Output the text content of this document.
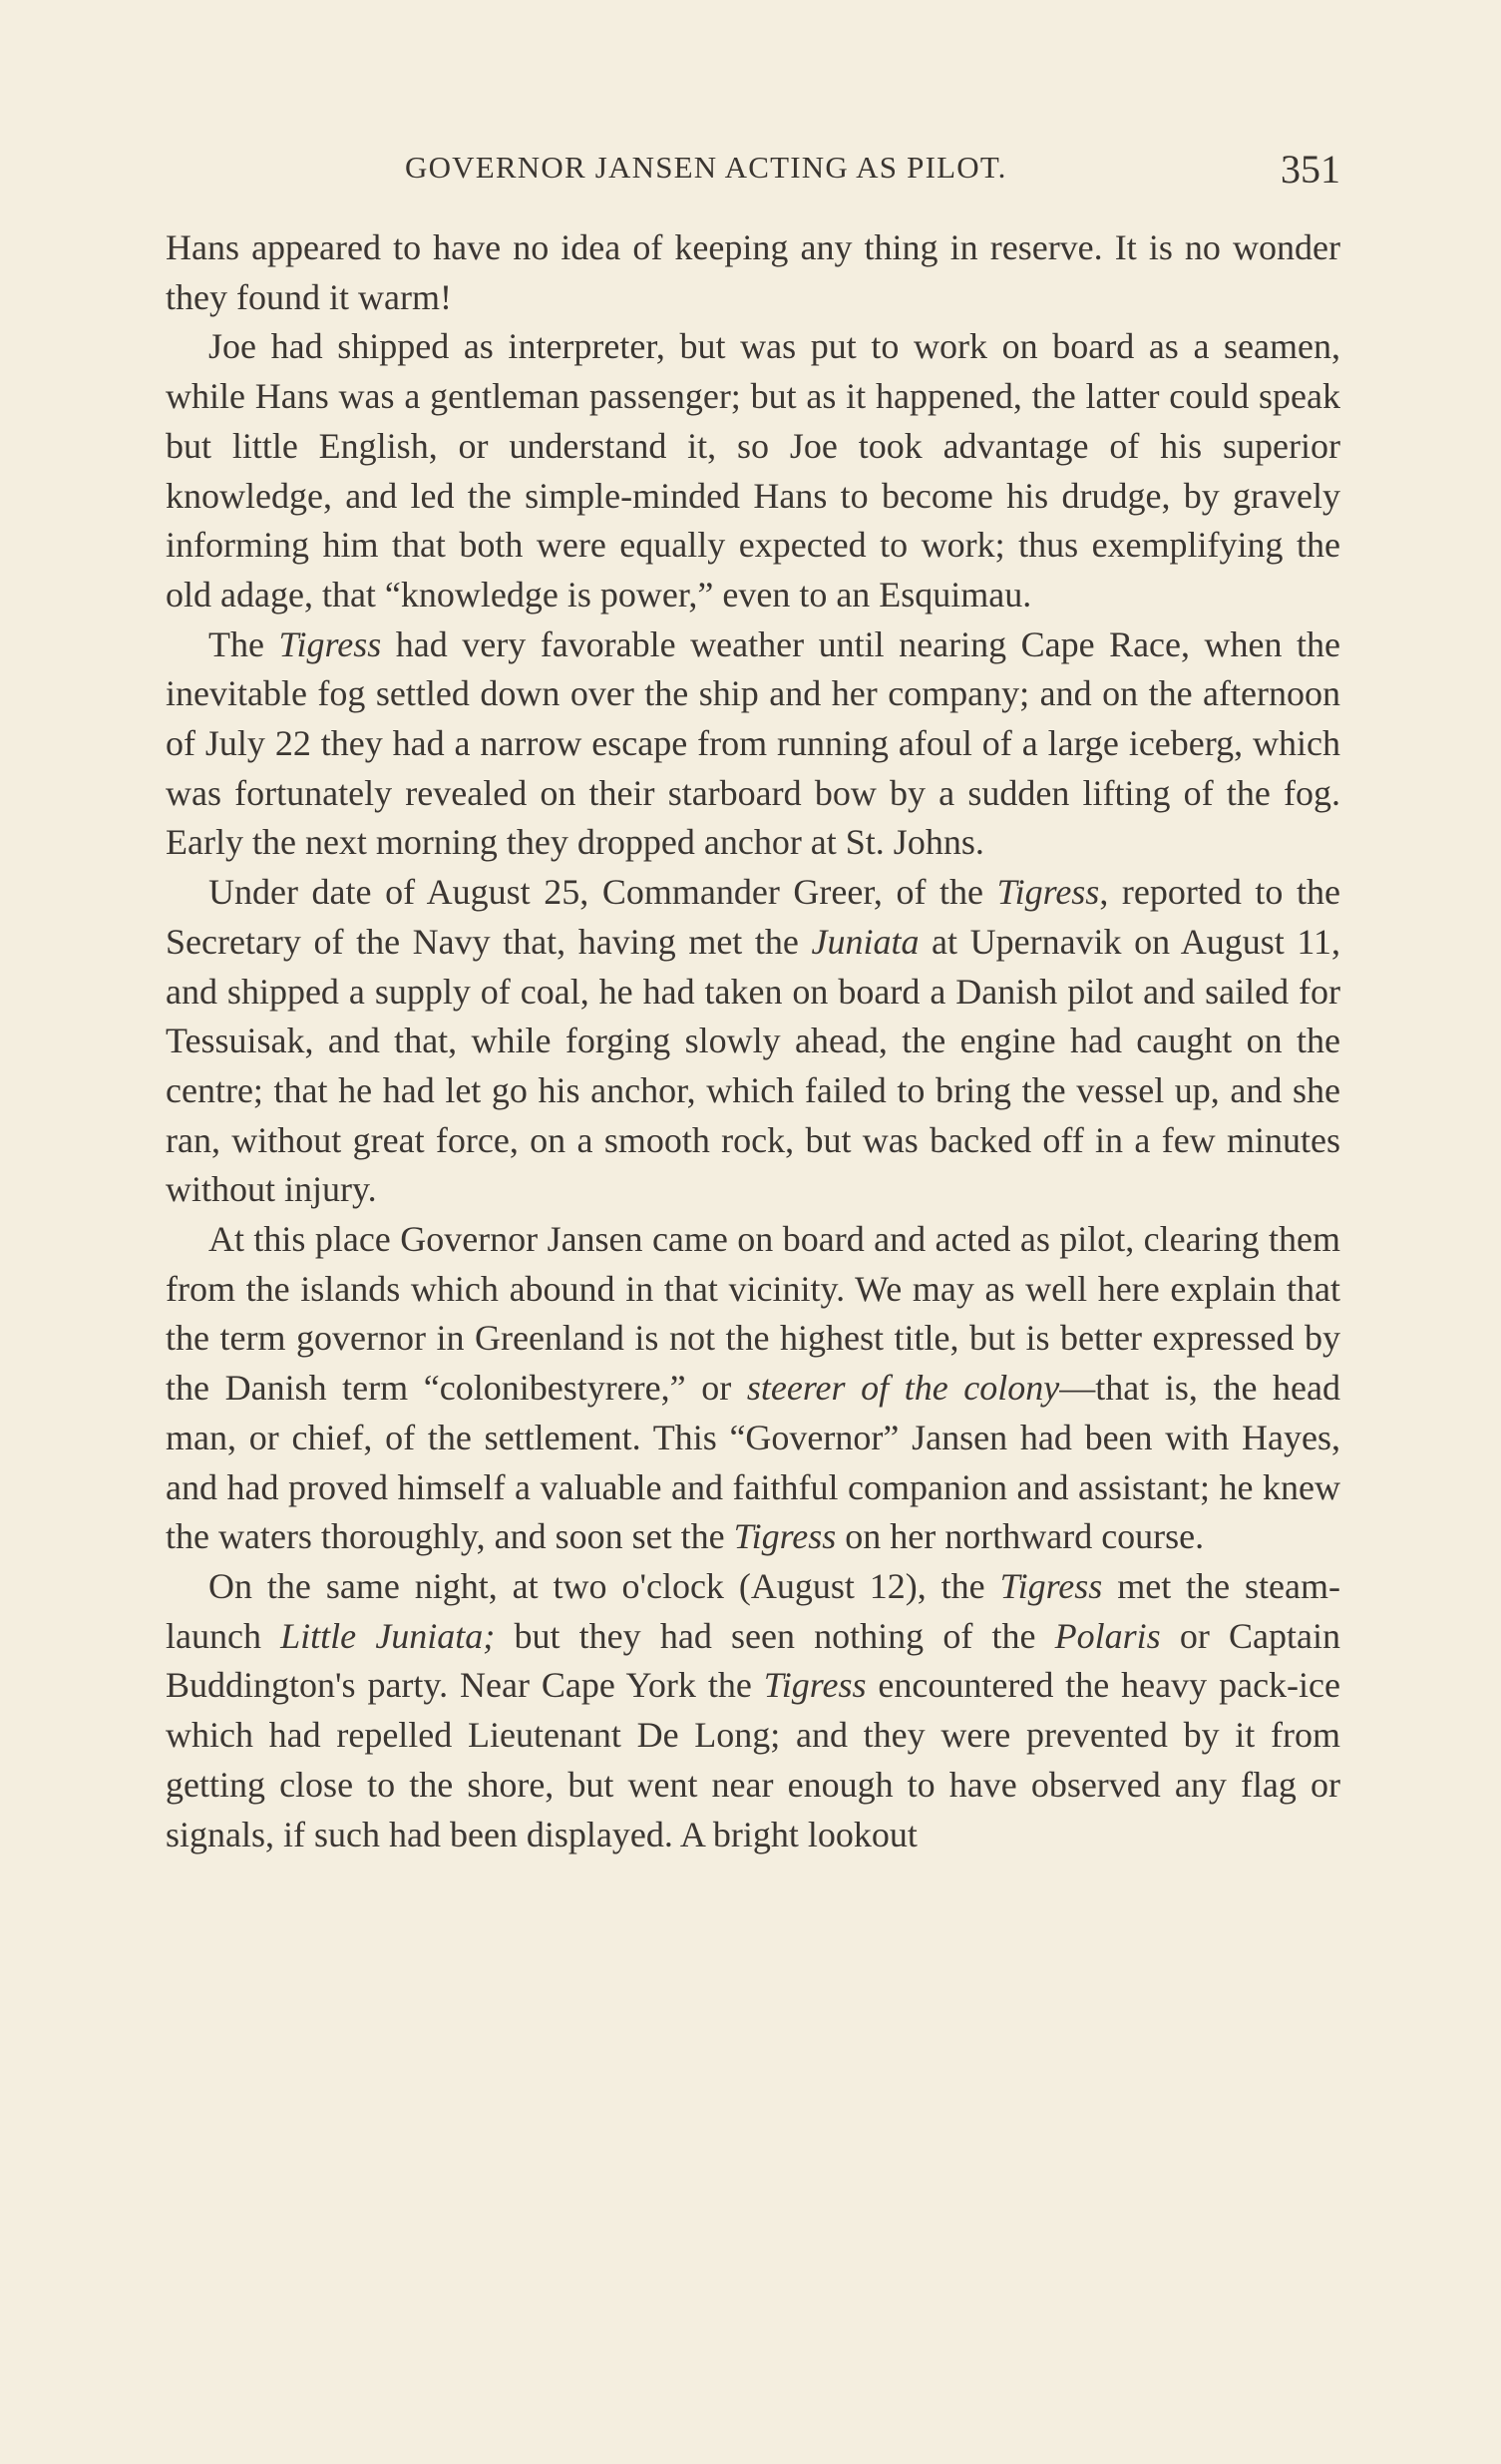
GOVERNOR JANSEN ACTING AS PILOT.	351

Hans appeared to have no idea of keeping any thing in reserve. It is no wonder they found it warm!

Joe had shipped as interpreter, but was put to work on board as a seamen, while Hans was a gentleman passenger; but as it happened, the latter could speak but little English, or understand it, so Joe took advantage of his superior knowledge, and led the simple-minded Hans to become his drudge, by gravely informing him that both were equally expected to work; thus exemplifying the old adage, that “knowledge is power,” even to an Esquimau.

The Tigress had very favorable weather until nearing Cape Race, when the inevitable fog settled down over the ship and her company; and on the afternoon of July 22 they had a narrow escape from running afoul of a large iceberg, which was fortunately revealed on their starboard bow by a sudden lifting of the fog. Early the next morning they dropped anchor at St. Johns.

Under date of August 25, Commander Greer, of the Tigress, reported to the Secretary of the Navy that, having met the Juniata at Upernavik on August 11, and shipped a supply of coal, he had taken on board a Danish pilot and sailed for Tessuisak, and that, while forging slowly ahead, the engine had caught on the centre; that he had let go his anchor, which failed to bring the vessel up, and she ran, without great force, on a smooth rock, but was backed off in a few minutes without injury.

At this place Governor Jansen came on board and acted as pilot, clearing them from the islands which abound in that vicinity. We may as well here explain that the term governor in Greenland is not the highest title, but is better expressed by the Danish term “colonibestyrere,” or steerer of the colony—that is, the head man, or chief, of the settlement. This “Governor” Jansen had been with Hayes, and had proved himself a valuable and faithful companion and assistant; he knew the waters thoroughly, and soon set the Tigress on her northward course.

On the same night, at two o'clock (August 12), the Tigress met the steam-launch Little Juniata; but they had seen nothing of the Polaris or Captain Buddington's party. Near Cape York the Tigress encountered the heavy pack-ice which had repelled Lieutenant De Long; and they were prevented by it from getting close to the shore, but went near enough to have observed any flag or signals, if such had been displayed. A bright lookout
